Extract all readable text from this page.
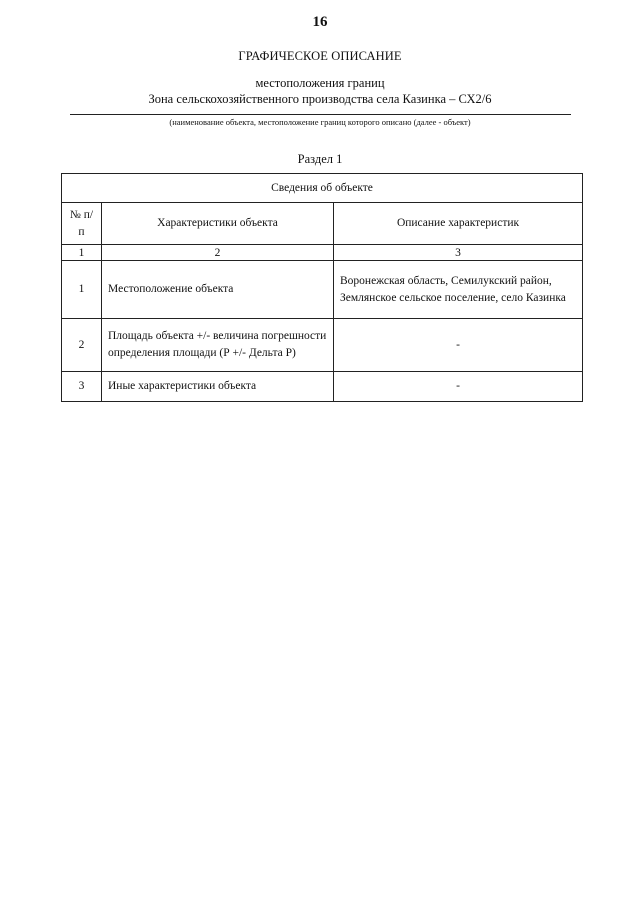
16
ГРАФИЧЕСКОЕ ОПИСАНИЕ
местоположения границ
Зона сельскохозяйственного производства села Казинка – СХ2/6
(наименование объекта, местоположение границ которого описано (далее - объект)
Раздел 1
Сведения об объекте		
№ п/п	Характеристики объекта	Описание характеристик
1	2	3
1	Местоположение объекта	Воронежская область, Семилукский район, Землянское сельское поселение, село Казинка
2	Площадь объекта +/- величина погрешности определения площади (Р +/- Дельта Р)	-
3	Иные характеристики объекта	-
